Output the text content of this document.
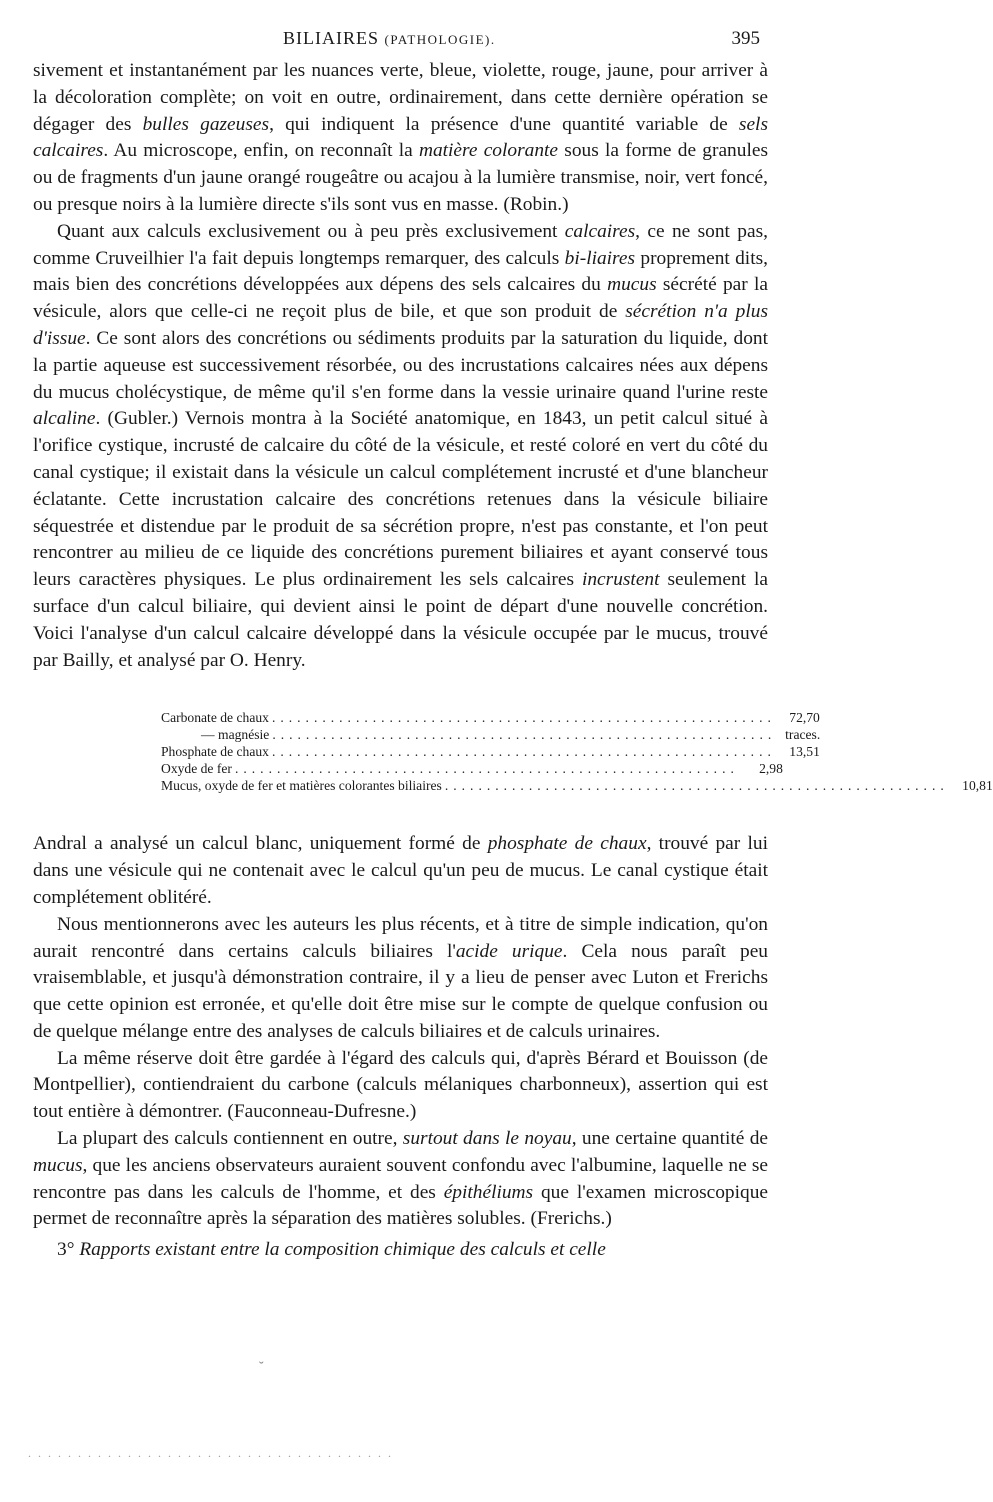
BILIAIRES (PATHOLOGIE).	395

sivement et instantanément par les nuances verte, bleue, violette, rouge, jaune, pour arriver à la décoloration complète; on voit en outre, ordinairement, dans cette dernière opération se dégager des bulles gazeuses, qui indiquent la présence d'une quantité variable de sels calcaires. Au microscope, enfin, on reconnaît la matière colorante sous la forme de granules ou de fragments d'un jaune orangé rougeâtre ou acajou à la lumière transmise, noir, vert foncé, ou presque noirs à la lumière directe s'ils sont vus en masse. (Robin.)

Quant aux calculs exclusivement ou à peu près exclusivement calcaires, ce ne sont pas, comme Cruveilhier l'a fait depuis longtemps remarquer, des calculs bi-liaires proprement dits, mais bien des concrétions développées aux dépens des sels calcaires du mucus sécrété par la vésicule, alors que celle-ci ne reçoit plus de bile, et que son produit de sécrétion n'a plus d'issue. Ce sont alors des concrétions ou sédiments produits par la saturation du liquide, dont la partie aqueuse est successivement résorbée, ou des incrustations calcaires nées aux dépens du mucus cholécystique, de même qu'il s'en forme dans la vessie urinaire quand l'urine reste alcaline. (Gubler.) Vernois montra à la Société anatomique, en 1843, un petit calcul situé à l'orifice cystique, incrusté de calcaire du côté de la vésicule, et resté coloré en vert du côté du canal cystique; il existait dans la vésicule un calcul complétement incrusté et d'une blancheur éclatante. Cette incrustation calcaire des concrétions retenues dans la vésicule biliaire séquestrée et distendue par le produit de sa sécrétion propre, n'est pas constante, et l'on peut rencontrer au milieu de ce liquide des concrétions purement biliaires et ayant conservé tous leurs caractères physiques. Le plus ordinairement les sels calcaires incrustent seulement la surface d'un calcul biliaire, qui devient ainsi le point de départ d'une nouvelle concrétion. Voici l'analyse d'un calcul calcaire développé dans la vésicule occupée par le mucus, trouvé par Bailly, et analysé par O. Henry.

Carbonate de chaux ............................................................ 72,70
— magnésie ............................................................ traces.
Phosphate de chaux ............................................................ 13,51
Oxyde de fer ............................................................	2,98
Mucus, oxyde de fer et matières colorantes biliaires ............................................................ 10,81

Andral a analysé un calcul blanc, uniquement formé de phosphate de chaux, trouvé par lui dans une vésicule qui ne contenait avec le calcul qu'un peu de mucus. Le canal cystique était complétement oblitéré.

Nous mentionnerons avec les auteurs les plus récents, et à titre de simple indication, qu'on aurait rencontré dans certains calculs biliaires l'acide urique. Cela nous paraît peu vraisemblable, et jusqu'à démonstration contraire, il y a lieu de penser avec Luton et Frerichs que cette opinion est erronée, et qu'elle doit être mise sur le compte de quelque confusion ou de quelque mélange entre des analyses de calculs biliaires et de calculs urinaires.

La même réserve doit être gardée à l'égard des calculs qui, d'après Bérard et Bouisson (de Montpellier), contiendraient du carbone (calculs mélaniques charbonneux), assertion qui est tout entière à démontrer. (Fauconneau-Dufresne.)

La plupart des calculs contiennent en outre, surtout dans le noyau, une certaine quantité de mucus, que les anciens observateurs auraient souvent confondu avec l'albumine, laquelle ne se rencontre pas dans les calculs de l'homme, et des épithéliums que l'examen microscopique permet de reconnaître après la séparation des matières solubles. (Frerichs.)

3° Rapports existant entre la composition chimique des calculs et celle

˘
.....................................
